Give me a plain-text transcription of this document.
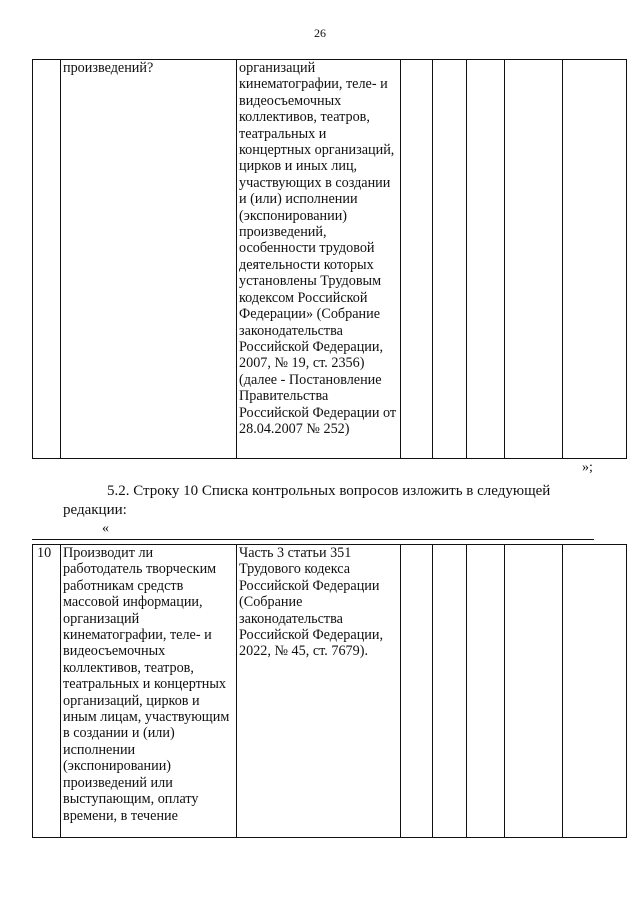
26
	произведений?	организаций кинематографии, теле- и видеосъемочных коллективов, театров, театральных и концертных организаций, цирков и иных лиц, участвующих в создании и (или) исполнении (экспонировании) произведений, особенности трудовой деятельности которых установлены Трудовым кодексом Российской Федерации» (Собрание законодательства Российской Федерации, 2007, № 19, ст. 2356) (далее - Постановление Правительства Российской Федерации от 28.04.2007 № 252)					
»;
5.2. Строку 10 Списка контрольных вопросов изложить в следующей
редакции:
«
10	Производит ли работодатель творческим работникам средств массовой информации, организаций кинематографии, теле- и видеосъемочных коллективов, театров, театральных и концертных организаций, цирков и иным лицам, участвующим в создании и (или) исполнении (экспонировании) произведений или выступающим, оплату времени, в течение	Часть 3 статьи 351 Трудового кодекса Российской Федерации (Собрание законодательства Российской Федерации, 2022, № 45, ст. 7679).					
